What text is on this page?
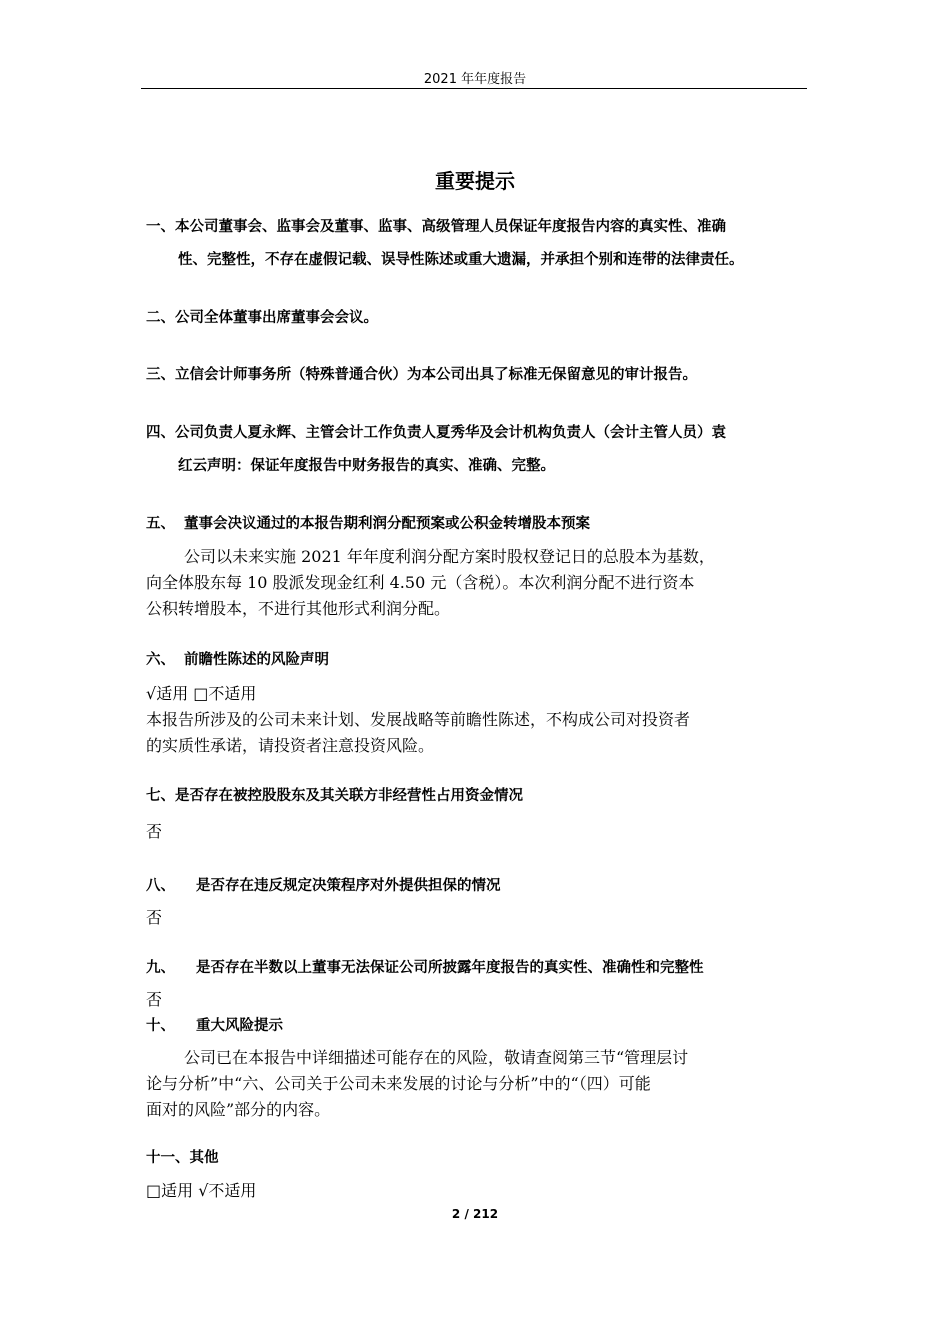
2021 年年度报告
重要提示
一、本公司董事会、监事会及董事、监事、高级管理人员保证年度报告内容的真实性、准确
性、完整性，不存在虚假记载、误导性陈述或重大遗漏，并承担个别和连带的法律责任。
二、公司全体董事出席董事会会议。
三、立信会计师事务所（特殊普通合伙）为本公司出具了标准无保留意见的审计报告。
四、公司负责人夏永辉、主管会计工作负责人夏秀华及会计机构负责人（会计主管人员）袁
红云声明：保证年度报告中财务报告的真实、准确、完整。
五、 董事会决议通过的本报告期利润分配预案或公积金转增股本预案
公司以未来实施 2021 年年度利润分配方案时股权登记日的总股本为基数，
向全体股东每 10 股派发现金红利 4.50 元（含税）。本次利润分配不进行资本
公积转增股本，不进行其他形式利润分配。
六、 前瞻性陈述的风险声明
√适用 □不适用
本报告所涉及的公司未来计划、发展战略等前瞻性陈述，不构成公司对投资者
的实质性承诺，请投资者注意投资风险。
七、是否存在被控股股东及其关联方非经营性占用资金情况
否
八、 是否存在违反规定决策程序对外提供担保的情况
否
九、 是否存在半数以上董事无法保证公司所披露年度报告的真实性、准确性和完整性
否
十、 重大风险提示
公司已在本报告中详细描述可能存在的风险，敬请查阅第三节“管理层讨
论与分析”中“六、公司关于公司未来发展的讨论与分析”中的“（四）可能
面对的风险”部分的内容。
十一、其他
□适用 √不适用
2 / 212
